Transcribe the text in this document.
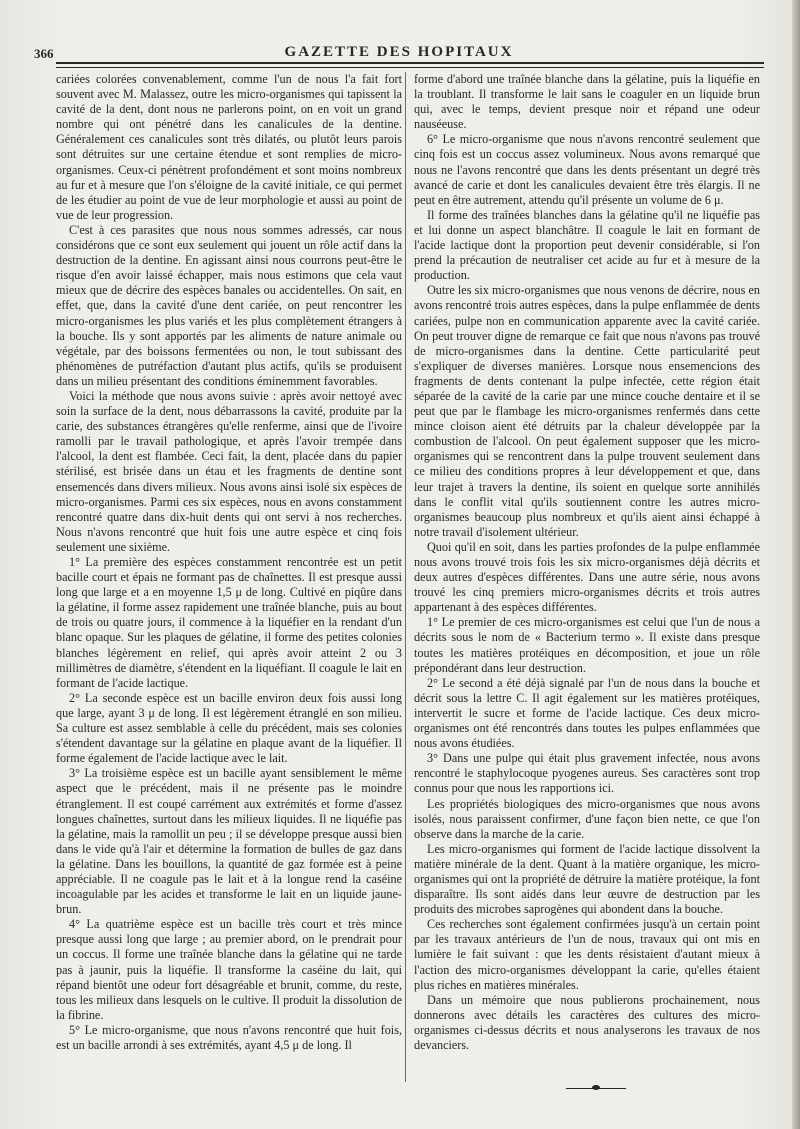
366	GAZETTE DES HOPITAUX

cariées colorées convenablement, comme l'un de nous l'a fait fort souvent avec M. Malassez, outre les micro-organismes qui tapissent la cavité de la dent, dont nous ne parlerons point, on en voit un grand nombre qui ont pénétré dans les canalicules de la dentine. Généralement ces canalicules sont très dilatés, ou plutôt leurs parois sont détruites sur une certaine étendue et sont remplies de micro-organismes. Ceux-ci pénètrent profondément et sont moins nombreux au fur et à mesure que l'on s'éloigne de la cavité initiale, ce qui permet de les étudier au point de vue de leur morphologie et aussi au point de vue de leur progression.

C'est à ces parasites que nous nous sommes adressés, car nous considérons que ce sont eux seulement qui jouent un rôle actif dans la destruction de la dentine. En agissant ainsi nous courrons peut-être le risque d'en avoir laissé échapper, mais nous estimons que cela vaut mieux que de décrire des espèces banales ou accidentelles. On sait, en effet, que, dans la cavité d'une dent cariée, on peut rencontrer les micro-organismes les plus variés et les plus complètement étrangers à la bouche. Ils y sont apportés par les aliments de nature animale ou végétale, par des boissons fermentées ou non, le tout subissant des phénomènes de putréfaction d'autant plus actifs, qu'ils se produisent dans un milieu présentant des conditions éminemment favorables.

Voici la méthode que nous avons suivie : après avoir nettoyé avec soin la surface de la dent, nous débarrassons la cavité, produite par la carie, des substances étrangères qu'elle renferme, ainsi que de l'ivoire ramolli par le travail pathologique, et après l'avoir trempée dans l'alcool, la dent est flambée. Ceci fait, la dent, placée dans du papier stérilisé, est brisée dans un étau et les fragments de dentine sont ensemencés dans divers milieux. Nous avons ainsi isolé six espèces de micro-organismes. Parmi ces six espèces, nous en avons constamment rencontré quatre dans dix-huit dents qui ont servi à nos recherches. Nous n'avons rencontré que huit fois une autre espèce et cinq fois seulement une sixième.

1° La première des espèces constamment rencontrée est un petit bacille court et épais ne formant pas de chaînettes. Il est presque aussi long que large et a en moyenne 1,5 μ de long. Cultivé en piqûre dans la gélatine, il forme assez rapidement une traînée blanche, puis au bout de trois ou quatre jours, il commence à la liquéfier en la rendant d'un blanc opaque. Sur les plaques de gélatine, il forme des petites colonies blanches légèrement en relief, qui après avoir atteint 2 ou 3 millimètres de diamètre, s'étendent en la liquéfiant. Il coagule le lait en formant de l'acide lactique.

2° La seconde espèce est un bacille environ deux fois aussi long que large, ayant 3 μ de long. Il est légèrement étranglé en son milieu. Sa culture est assez semblable à celle du précédent, mais ses colonies s'étendent davantage sur la gélatine en plaque avant de la liquéfier. Il forme également de l'acide lactique avec le lait.

3° La troisième espèce est un bacille ayant sensiblement le même aspect que le précédent, mais il ne présente pas le moindre étranglement. Il est coupé carrément aux extrémités et forme d'assez longues chaînettes, surtout dans les milieux liquides. Il ne liquéfie pas la gélatine, mais la ramollit un peu ; il se développe presque aussi bien dans le vide qu'à l'air et détermine la formation de bulles de gaz dans la gélatine. Dans les bouillons, la quantité de gaz formée est à peine appréciable. Il ne coagule pas le lait et à la longue rend la caséine incoagulable par les acides et transforme le lait en un liquide jaune-brun.

4° La quatrième espèce est un bacille très court et très mince presque aussi long que large ; au premier abord, on le prendrait pour un coccus. Il forme une traînée blanche dans la gélatine qui ne tarde pas à jaunir, puis la liquéfie. Il transforme la caséine du lait, qui répand bientôt une odeur fort désagréable et brunit, comme, du reste, tous les milieux dans lesquels on le cultive. Il produit la dissolution de la fibrine.

5° Le micro-organisme, que nous n'avons rencontré que huit fois, est un bacille arrondi à ses extrémités, ayant 4,5 μ de long. Il

forme d'abord une traînée blanche dans la gélatine, puis la liquéfie en la troublant. Il transforme le lait sans le coaguler en un liquide brun qui, avec le temps, devient presque noir et répand une odeur nauséeuse.

6° Le micro-organisme que nous n'avons rencontré seulement que cinq fois est un coccus assez volumineux. Nous avons remarqué que nous ne l'avons rencontré que dans les dents présentant un degré très avancé de carie et dont les canalicules devaient être très élargis. Il ne peut en être autrement, attendu qu'il présente un volume de 6 μ.

Il forme des traînées blanches dans la gélatine qu'il ne liquéfie pas et lui donne un aspect blanchâtre. Il coagule le lait en formant de l'acide lactique dont la proportion peut devenir considérable, si l'on prend la précaution de neutraliser cet acide au fur et à mesure de la production.

Outre les six micro-organismes que nous venons de décrire, nous en avons rencontré trois autres espèces, dans la pulpe enflammée de dents cariées, pulpe non en communication apparente avec la cavité cariée. On peut trouver digne de remarque ce fait que nous n'avons pas trouvé de micro-organismes dans la dentine. Cette particularité peut s'expliquer de diverses manières. Lorsque nous ensemencions des fragments de dents contenant la pulpe infectée, cette région était séparée de la cavité de la carie par une mince couche dentaire et il se peut que par le flambage les micro-organismes renfermés dans cette mince cloison aient été détruits par la chaleur développée par la combustion de l'alcool. On peut également supposer que les micro-organismes qui se rencontrent dans la pulpe trouvent seulement dans ce milieu des conditions propres à leur développement et que, dans leur trajet à travers la dentine, ils soient en quelque sorte annihilés dans le conflit vital qu'ils soutiennent contre les autres micro-organismes beaucoup plus nombreux et qu'ils aient ainsi échappé à notre travail d'isolement ultérieur.

Quoi qu'il en soit, dans les parties profondes de la pulpe enflammée nous avons trouvé trois fois les six micro-organismes déjà décrits et deux autres d'espèces différentes. Dans une autre série, nous avons trouvé les cinq premiers micro-organismes décrits et trois autres appartenant à des espèces différentes.

1° Le premier de ces micro-organismes est celui que l'un de nous a décrits sous le nom de « Bacterium termo ». Il existe dans presque toutes les matières protéiques en décomposition, et joue un rôle prépondérant dans leur destruction.

2° Le second a été déjà signalé par l'un de nous dans la bouche et décrit sous la lettre C. Il agit également sur les matières protéiques, intervertit le sucre et forme de l'acide lactique. Ces deux micro-organismes ont été rencontrés dans toutes les pulpes enflammées que nous avons étudiées.

3° Dans une pulpe qui était plus gravement infectée, nous avons rencontré le staphylocoque pyogenes aureus. Ses caractères sont trop connus pour que nous les rapportions ici.

Les propriétés biologiques des micro-organismes que nous avons isolés, nous paraissent confirmer, d'une façon bien nette, ce que l'on observe dans la marche de la carie.

Les micro-organismes qui forment de l'acide lactique dissolvent la matière minérale de la dent. Quant à la matière organique, les micro-organismes qui ont la propriété de détruire la matière protéique, la font disparaître. Ils sont aidés dans leur œuvre de destruction par les produits des microbes saprogènes qui abondent dans la bouche.

Ces recherches sont également confirmées jusqu'à un certain point par les travaux antérieurs de l'un de nous, travaux qui ont mis en lumière le fait suivant : que les dents résistaient d'autant mieux à l'action des micro-organismes développant la carie, qu'elles étaient plus riches en matières minérales.

Dans un mémoire que nous publierons prochainement, nous donnerons avec détails les caractères des cultures des micro-organismes ci-dessus décrits et nous analyserons les travaux de nos devanciers.
